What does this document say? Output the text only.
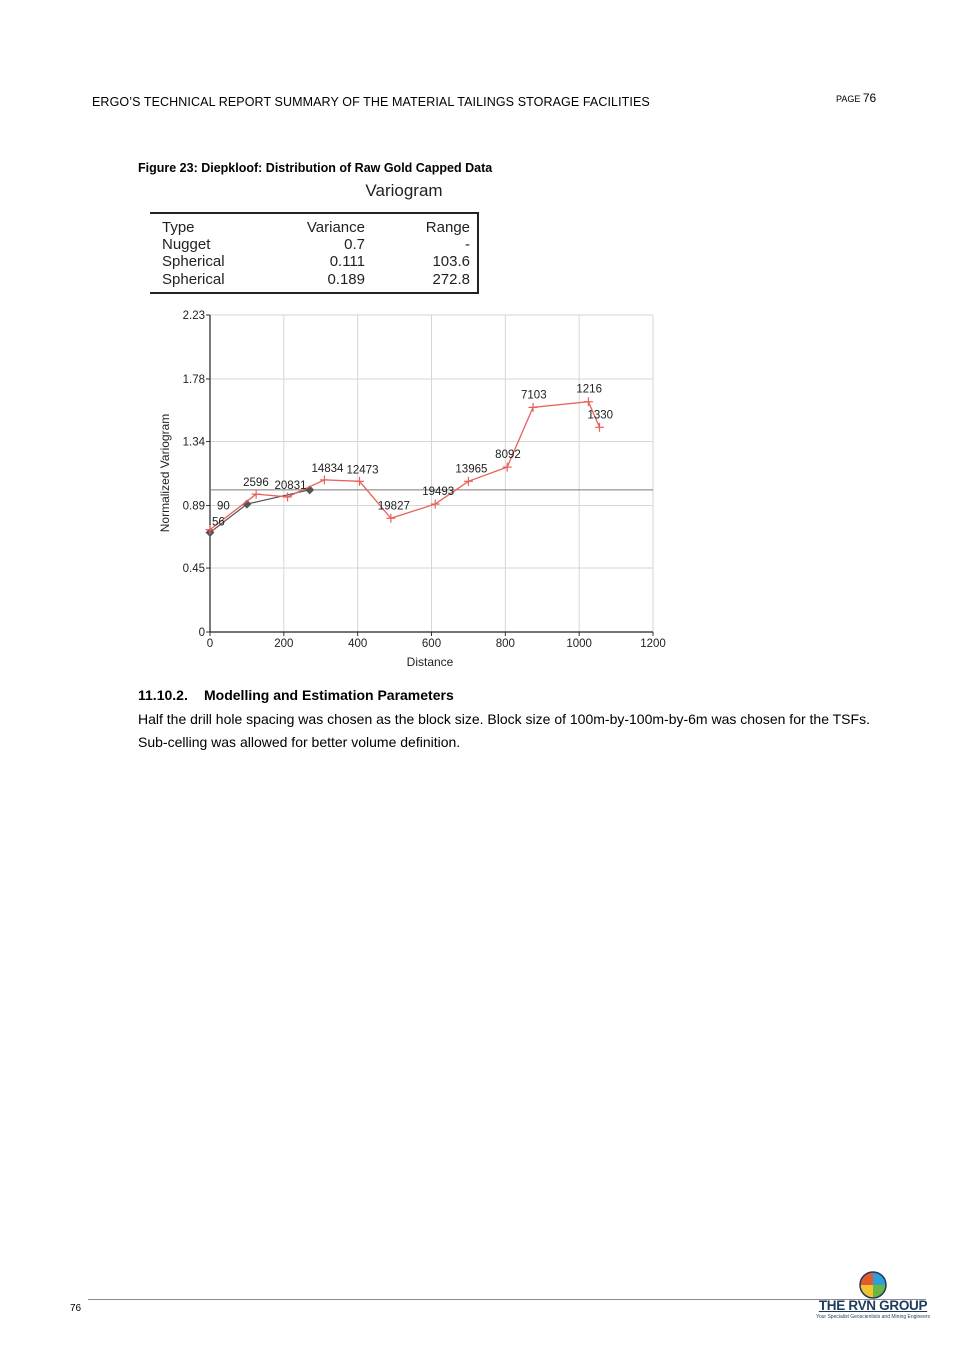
ERGO’S TECHNICAL REPORT SUMMARY OF THE MATERIAL TAILINGS STORAGE FACILITIES	PAGE 76
Figure 23: Diepkloof: Distribution of Raw Gold Capped Data
Variogram
Type	Variance	Range
Nugget	0.7	-
Spherical	0.111	103.6
Spherical	0.189	272.8
0	200	400	600	800	1000	1200
0
0.45
0.89
1.34
1.78
2.23
90
2596 20831
14834 12473
19827
19493
13965
8092
7103	1216
1330
56
Distance
Normalized Variogram
11.10.2. Modelling and Estimation Parameters
Half the drill hole spacing was chosen as the block size. Block size of 100m-by-100m-by-6m was chosen for the TSFs.
Sub-celling was allowed for better volume definition.
76	THE RVN GROUP
Your Specialist Geoscientists and Mining Engineers
